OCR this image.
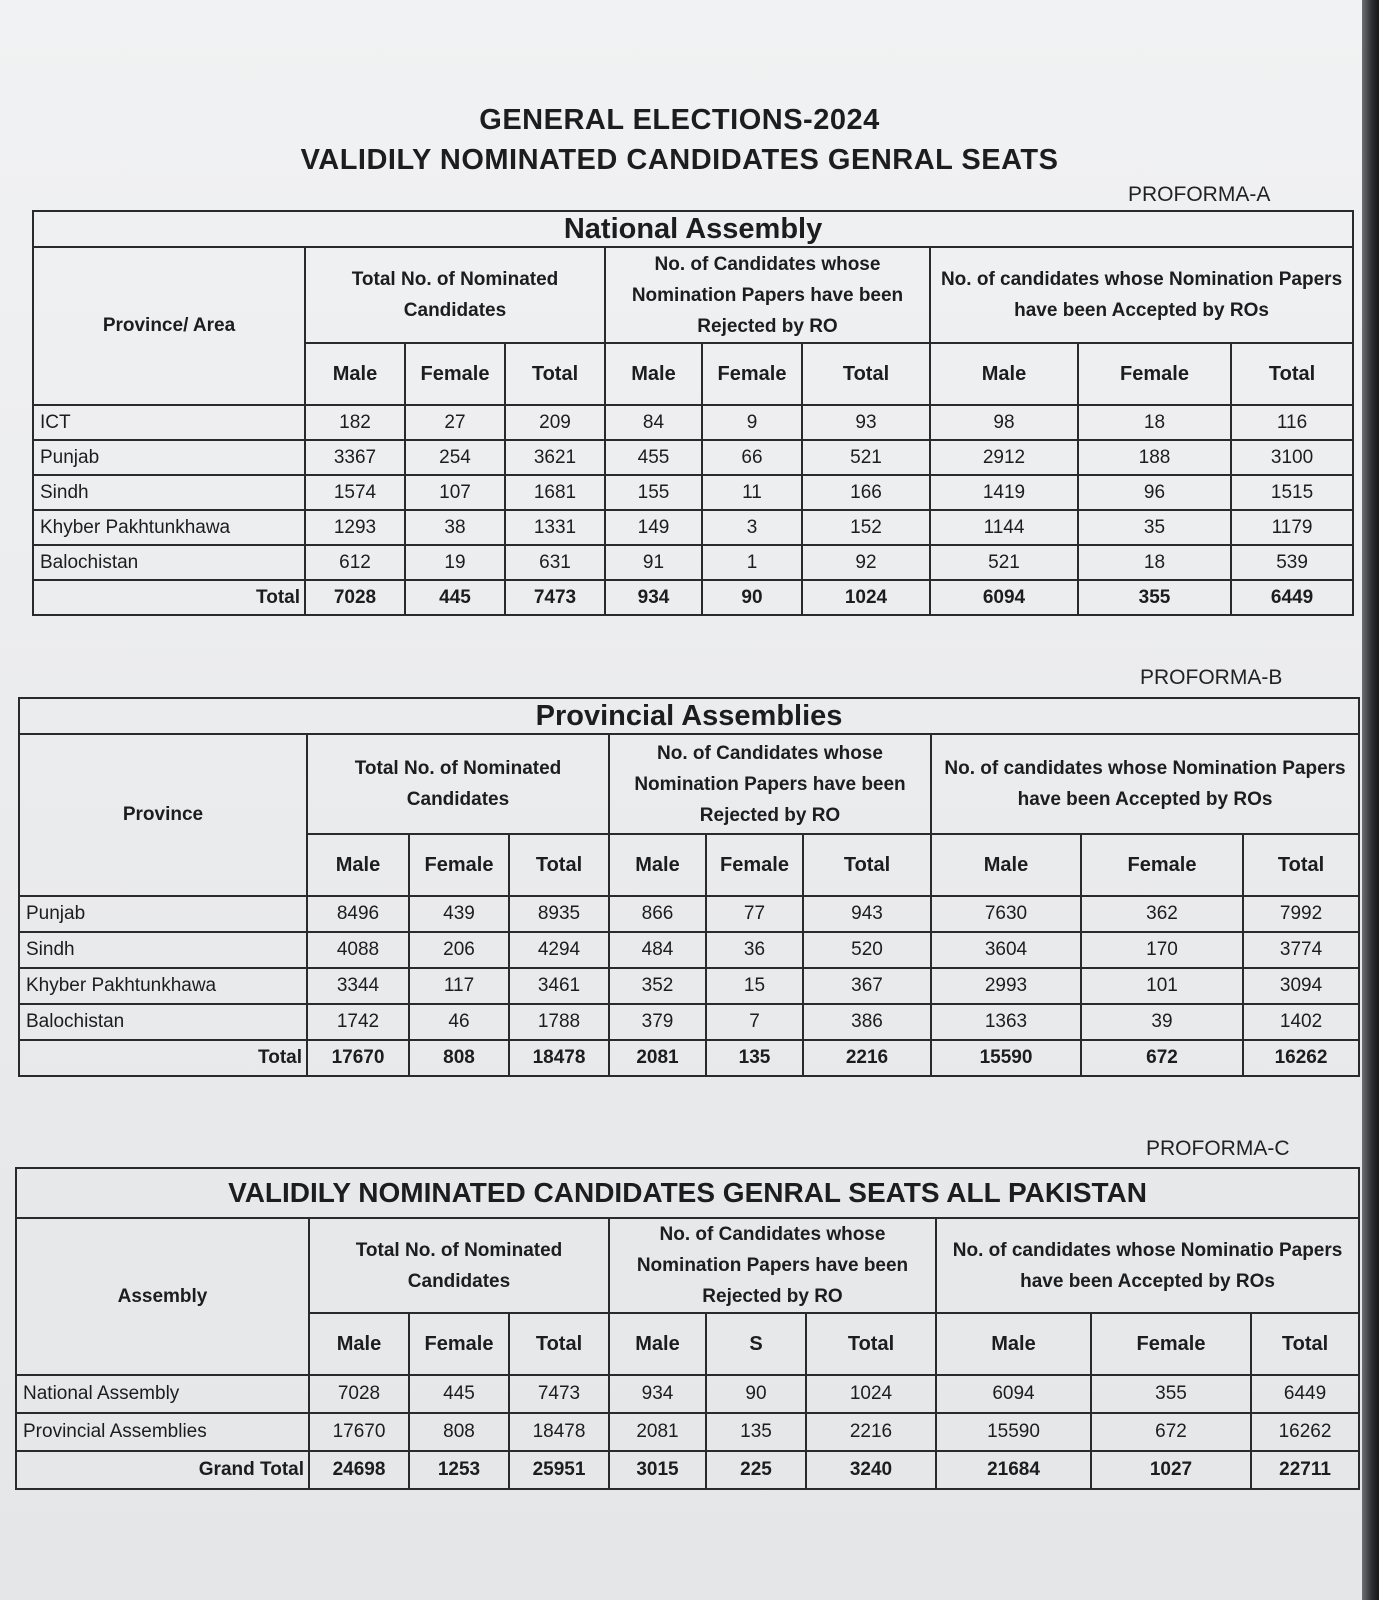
GENERAL ELECTIONS-2024
VALIDILY NOMINATED CANDIDATES GENRAL SEATS
PROFORMA-A
National Assembly									
Province/ Area	Total No. of Nominated Candidates			No. of Candidates whose Nomination Papers have been Rejected by RO			No. of candidates whose Nomination Papers have been Accepted by ROs		
	Male	Female	Total	Male	Female	Total	Male	Female	Total
ICT	182	27	209	84	9	93	98	18	116
Punjab	3367	254	3621	455	66	521	2912	188	3100
Sindh	1574	107	1681	155	11	166	1419	96	1515
Khyber Pakhtunkhawa	1293	38	1331	149	3	152	1144	35	1179
Balochistan	612	19	631	91	1	92	521	18	539
Total	7028	445	7473	934	90	1024	6094	355	6449
PROFORMA-B
Provincial Assemblies									
Province	Total No. of Nominated Candidates			No. of Candidates whose Nomination Papers have been Rejected by RO			No. of candidates whose Nomination Papers have been Accepted by ROs		
	Male	Female	Total	Male	Female	Total	Male	Female	Total
Punjab	8496	439	8935	866	77	943	7630	362	7992
Sindh	4088	206	4294	484	36	520	3604	170	3774
Khyber Pakhtunkhawa	3344	117	3461	352	15	367	2993	101	3094
Balochistan	1742	46	1788	379	7	386	1363	39	1402
Total	17670	808	18478	2081	135	2216	15590	672	16262
PROFORMA-C
VALIDILY NOMINATED CANDIDATES GENRAL SEATS ALL PAKISTAN									
Assembly	Total No. of Nominated Candidates			No. of Candidates whose Nomination Papers have been Rejected by RO			No. of candidates whose Nominatio Papers have been Accepted by ROs		
	Male	Female	Total	Male	S	Total	Male	Female	Total
National Assembly	7028	445	7473	934	90	1024	6094	355	6449
Provincial Assemblies	17670	808	18478	2081	135	2216	15590	672	16262
Grand Total	24698	1253	25951	3015	225	3240	21684	1027	22711
